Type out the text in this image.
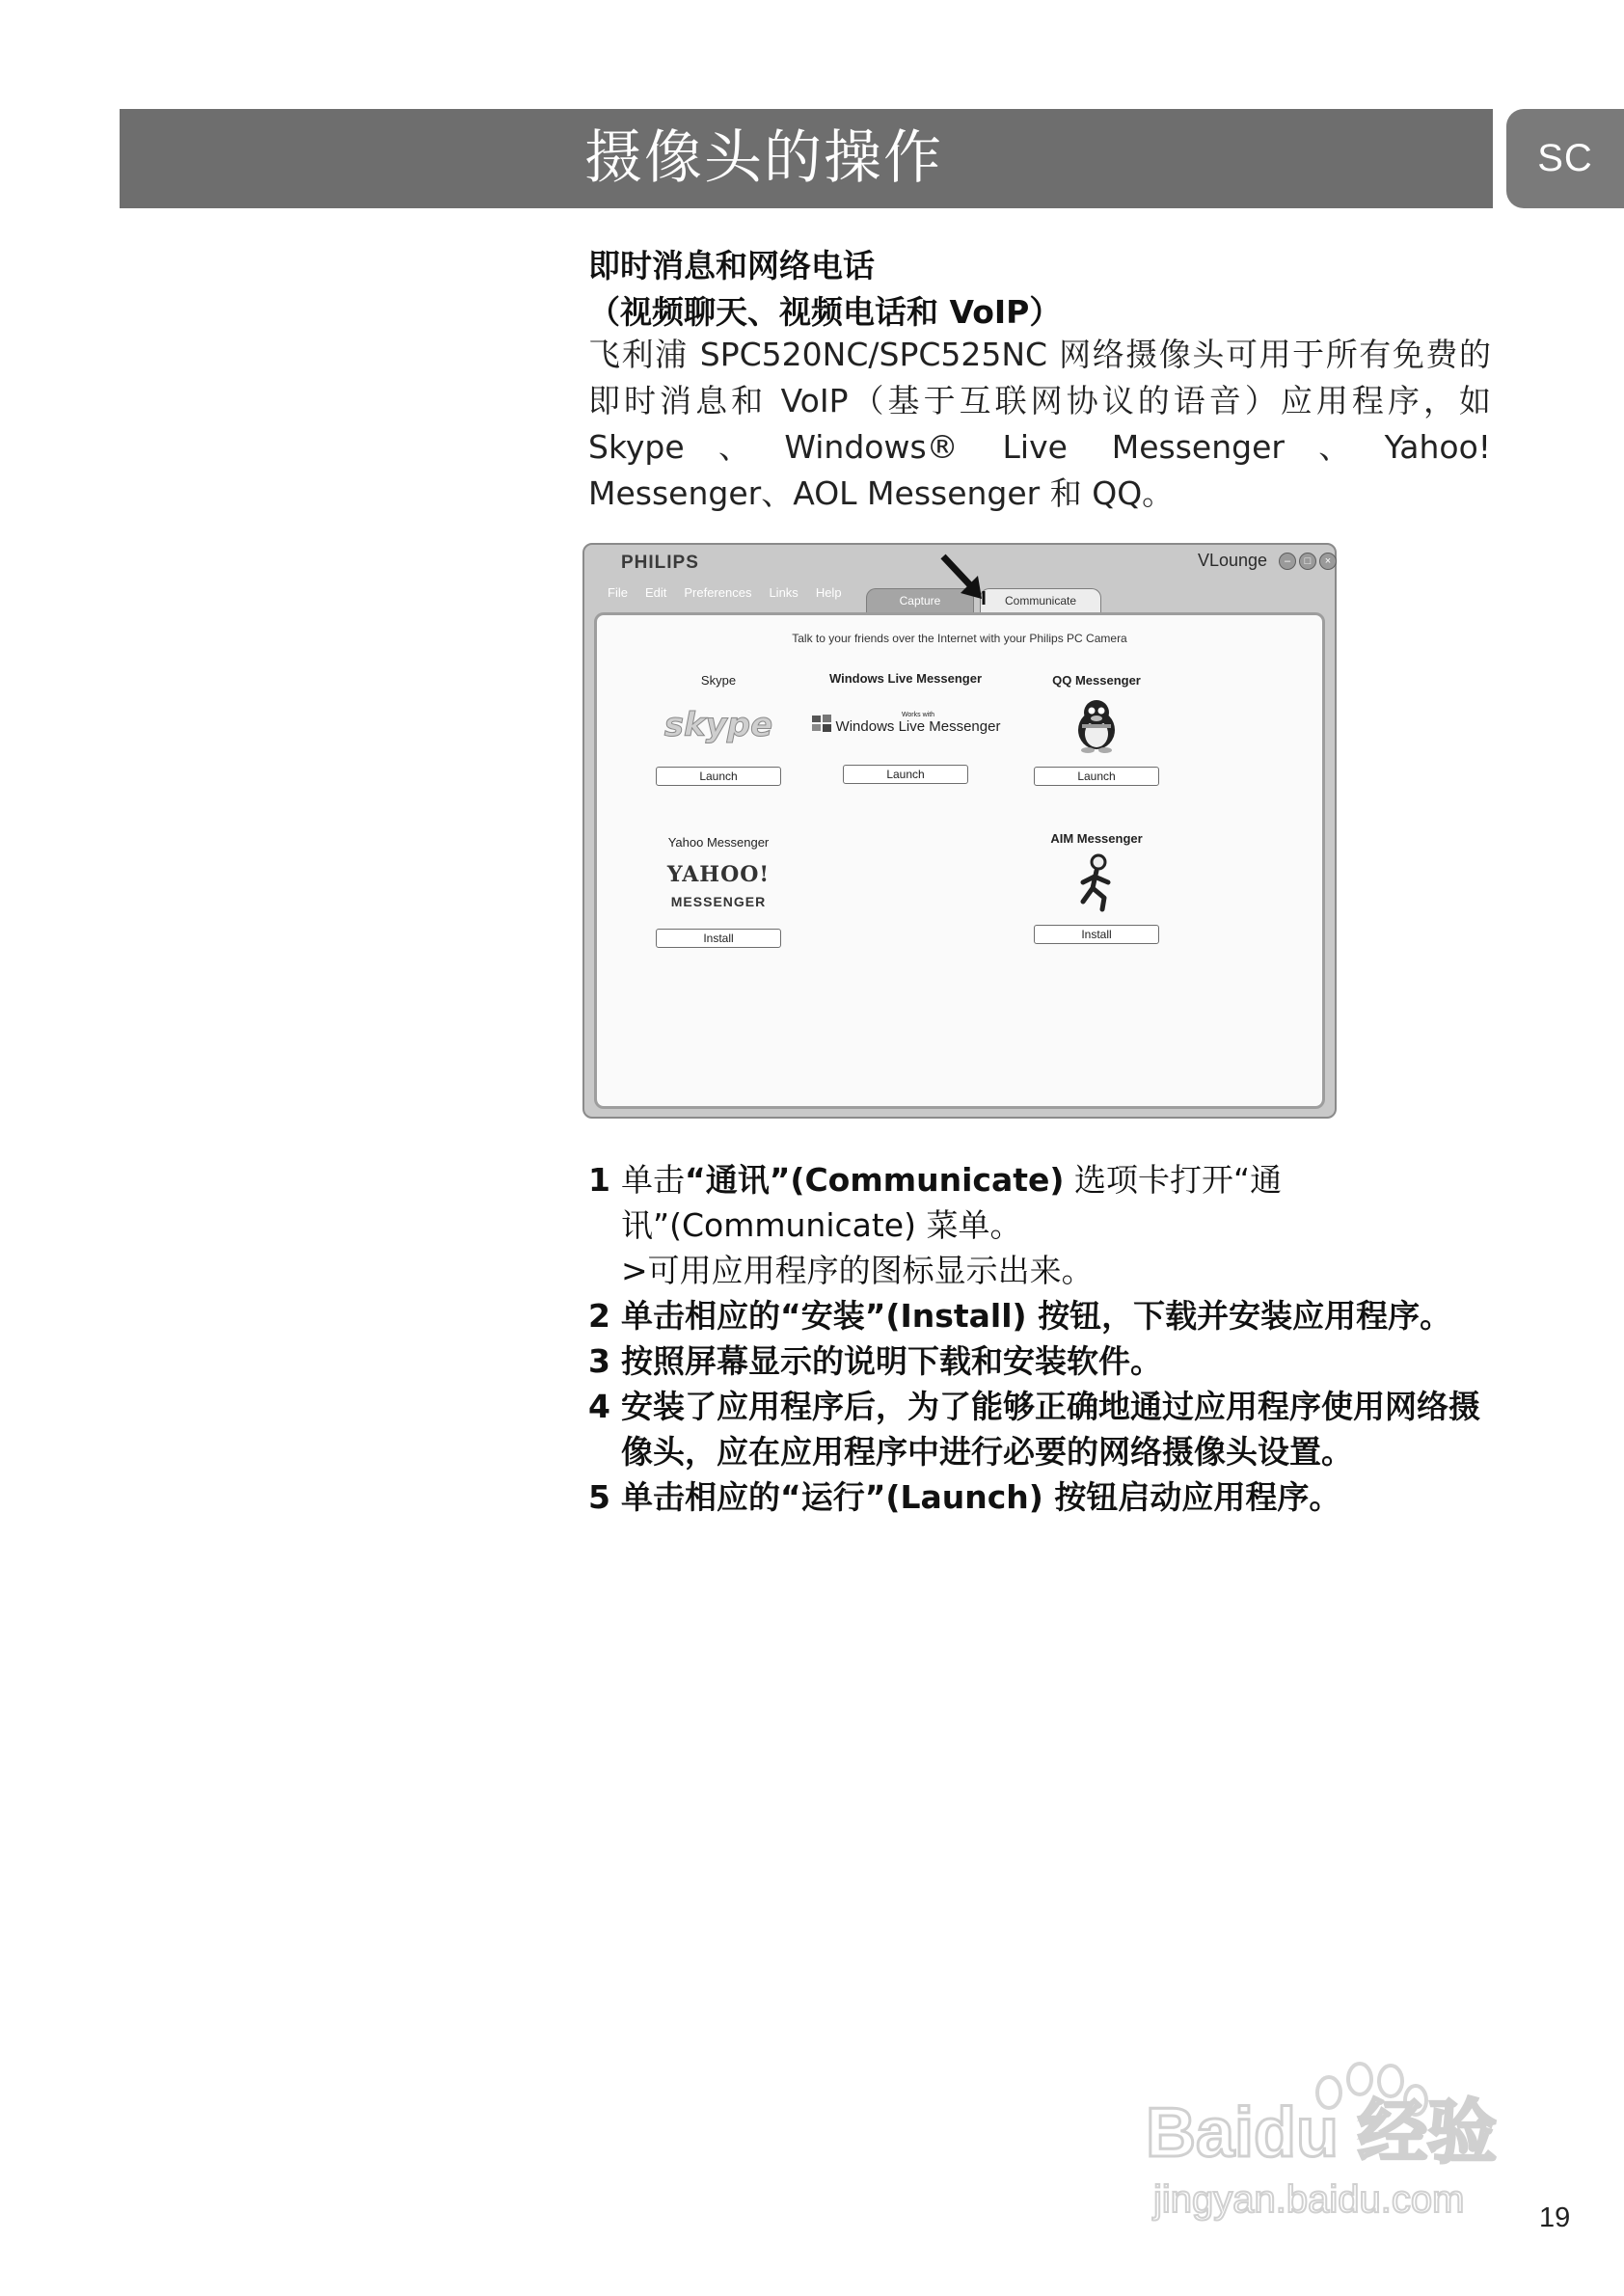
摄像头的操作	SC
即时消息和网络电话
（视频聊天、视频电话和 VoIP）
飞利浦 SPC520NC/SPC525NC 网络摄像头可用于所有免费的即时消息和 VoIP（基于互联网协议的语音）应用程序，如 Skype、Windows® Live Messenger、Yahoo! Messenger、AOL Messenger 和 QQ。
PHILIPS	VLounge	–	□	×
File Edit Preferences Links Help
Capture	Communicate
Talk to your friends over the Internet with your Philips PC Camera
Skype
skype
Launch
Windows Live Messenger
Works with
Windows Live Messenger
Launch
QQ Messenger
Launch
Yahoo Messenger
YAHOO! MESSENGER
Install
AIM Messenger
Install
1 单击“通讯”(Communicate) 选项卡打开“通讯”(Communicate) 菜单。
>可用应用程序的图标显示出来。
2 单击相应的“安装”(Install) 按钮，下载并安装应用程序。
3 按照屏幕显示的说明下载和安装软件。
4 安装了应用程序后，为了能够正确地通过应用程序使用网络摄像头，应在应用程序中进行必要的网络摄像头设置。
5 单击相应的“运行”(Launch) 按钮启动应用程序。
Baidu 经验
jingyan.baidu.com	19
